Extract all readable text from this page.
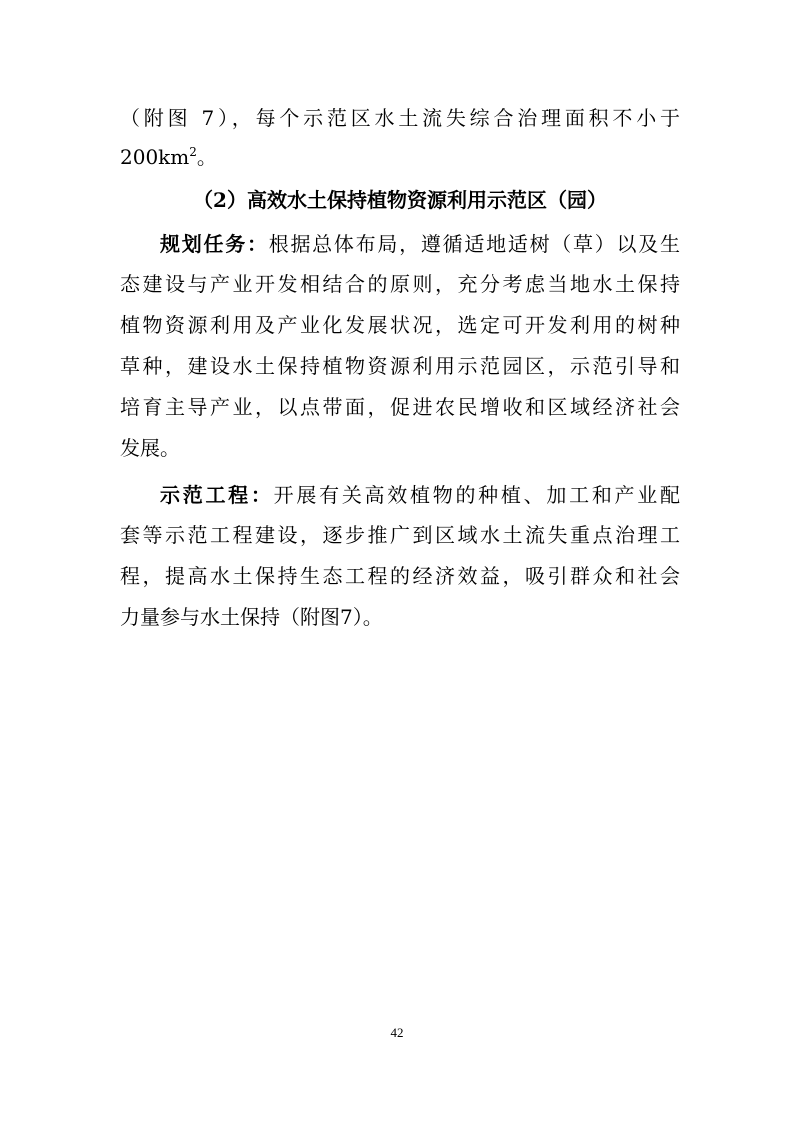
（附图 7），每个示范区水土流失综合治理面积不小于
$200km^2$。
（2）高效水土保持植物资源利用示范区（园）
规划任务：根据总体布局，遵循适地适树（草）以及生
态建设与产业开发相结合的原则，充分考虑当地水土保持
植物资源利用及产业化发展状况，选定可开发利用的树种
草种，建设水土保持植物资源利用示范园区，示范引导和
培育主导产业，以点带面，促进农民增收和区域经济社会
发展。
示范工程：开展有关高效植物的种植、加工和产业配
套等示范工程建设，逐步推广到区域水土流失重点治理工
程，提高水土保持生态工程的经济效益，吸引群众和社会
力量参与水土保持（附图7）。
42
